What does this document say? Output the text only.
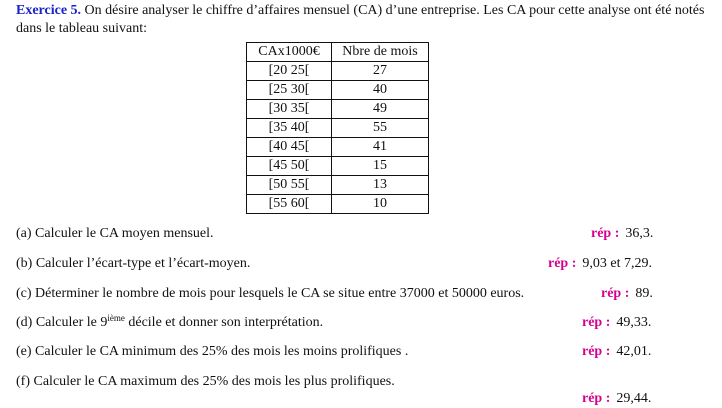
Exercice 5. On désire analyser le chiffre d’affaires mensuel (CA) d’une entreprise. Les CA pour cette analyse ont été notés dans le tableau suivant:
CAx1000€	Nbre de mois
[20 25[	27
[25 30[	40
[30 35[	49
[35 40[	55
[40 45[	41
[45 50[	15
[50 55[	13
[55 60[	10
(a) Calculer le CA moyen mensuel.	rép : 36,3.
(b) Calculer l’écart-type et l’écart-moyen.	rép : 9,03 et 7,29.
(c) Déterminer le nombre de mois pour lesquels le CA se situe entre 37000 et 50000 euros.	rép : 89.
(d) Calculer le 9ième décile et donner son interprétation.	rép : 49,33.
(e) Calculer le CA minimum des 25% des mois les moins prolifiques .	rép : 42,01.
(f) Calculer le CA maximum des 25% des mois les plus prolifiques.
rép : 29,44.
